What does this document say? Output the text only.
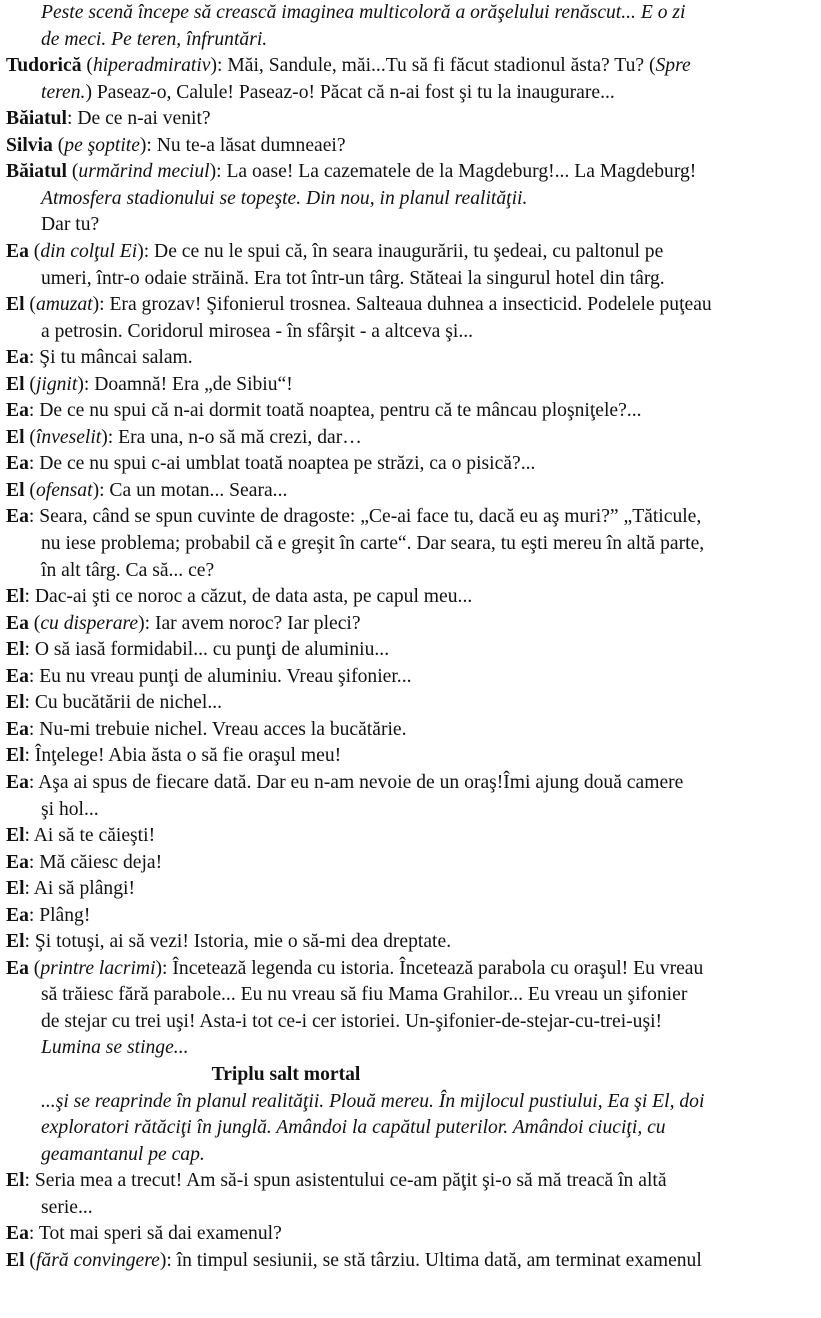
Peste scenă începe să crească imaginea multicoloră a orăşelului renăscut... E o zi
de meci. Pe teren, înfruntări.
Tudorică (hiperadmirativ): Măi, Sandule, măi...Tu să fi făcut stadionul ăsta? Tu? (Spre
teren.) Paseaz-o, Calule! Paseaz-o! Păcat că n-ai fost şi tu la inaugurare...
Băiatul: De ce n-ai venit?
Silvia (pe şoptite): Nu te-a lăsat dumneaei?
Băiatul (urmărind meciul): La oase! La cazematele de la Magdeburg!... La Magdeburg!
Atmosfera stadionului se topeşte. Din nou, in planul realităţii.
Dar tu?
Ea (din colţul Ei): De ce nu le spui că, în seara inaugurării, tu şedeai, cu paltonul pe
umeri, într-o odaie străină. Era tot într-un târg. Stăteai la singurul hotel din târg.
El (amuzat): Era grozav! Şifonierul trosnea. Salteaua duhnea a insecticid. Podelele puţeau
a petrosin. Coridorul mirosea - în sfârşit - a altceva şi...
Ea: Şi tu mâncai salam.
El (jignit): Doamnă! Era „de Sibiu“!
Ea: De ce nu spui că n-ai dormit toată noaptea, pentru că te mâncau ploşniţele?...
El (înveselit): Era una, n-o să mă crezi, dar…
Ea: De ce nu spui c-ai umblat toată noaptea pe străzi, ca o pisică?...
El (ofensat): Ca un motan... Seara...
Ea: Seara, când se spun cuvinte de dragoste: „Ce-ai face tu, dacă eu aş muri?” „Tăticule,
nu iese problema; probabil că e greşit în carte“. Dar seara, tu eşti mereu în altă parte,
în alt târg. Ca să... ce?
El: Dac-ai şti ce noroc a căzut, de data asta, pe capul meu...
Ea (cu disperare): Iar avem noroc? Iar pleci?
El: O să iasă formidabil... cu punţi de aluminiu...
Ea: Eu nu vreau punţi de aluminiu. Vreau şifonier...
El: Cu bucătării de nichel...
Ea: Nu-mi trebuie nichel. Vreau acces la bucătărie.
El: Înţelege! Abia ăsta o să fie oraşul meu!
Ea: Aşa ai spus de fiecare dată. Dar eu n-am nevoie de un oraş!Îmi ajung două camere
şi hol...
El: Ai să te căieşti!
Ea: Mă căiesc deja!
El: Ai să plângi!
Ea: Plâng!
El: Şi totuşi, ai să vezi! Istoria, mie o să-mi dea dreptate.
Ea (printre lacrimi): Încetează legenda cu istoria. Încetează parabola cu oraşul! Eu vreau
să trăiesc fără parabole... Eu nu vreau să fiu Mama Grahilor... Eu vreau un şifonier
de stejar cu trei uşi! Asta-i tot ce-i cer istoriei. Un-şifonier-de-stejar-cu-trei-uşi!
Lumina se stinge...
Triplu salt mortal
...şi se reaprinde în planul realităţii. Plouă mereu. În mijlocul pustiului, Ea şi El, doi
exploratori rătăciţi în junglă. Amândoi la capătul puterilor. Amândoi ciuciţi, cu
geamantanul pe cap.
El: Seria mea a trecut! Am să-i spun asistentului ce-am păţit şi-o să mă treacă în altă
serie...
Ea: Tot mai speri să dai examenul?
El (fără convingere): în timpul sesiunii, se stă târziu. Ultima dată, am terminat examenul
